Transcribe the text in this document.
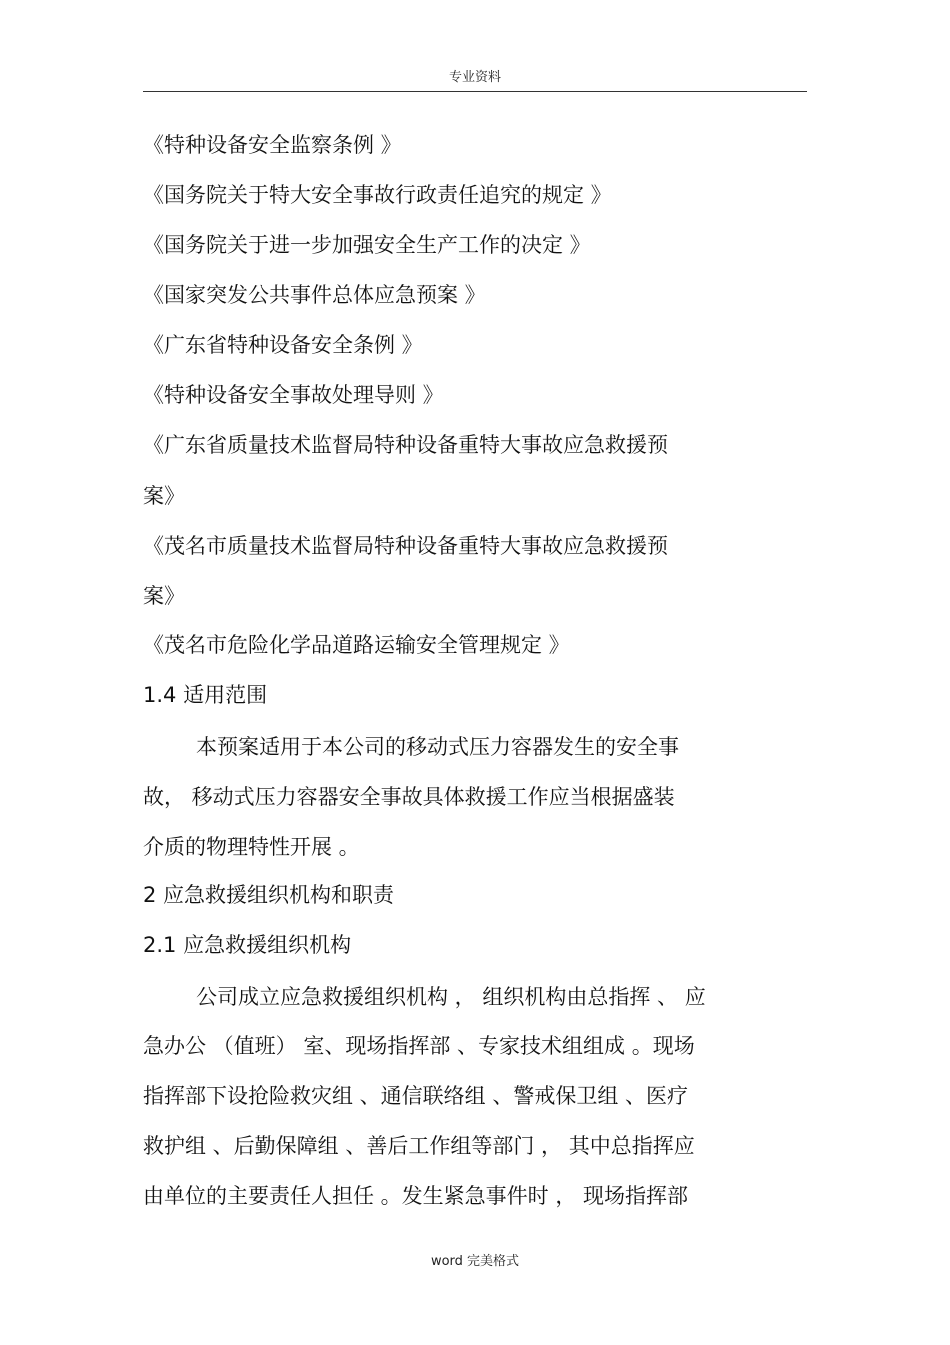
专业资料
《特种设备安全监察条例 》
《国务院关于特大安全事故行政责任追究的规定 》
《国务院关于进一步加强安全生产工作的决定 》
《国家突发公共事件总体应急预案 》
《广东省特种设备安全条例 》
《特种设备安全事故处理导则 》
《广东省质量技术监督局特种设备重特大事故应急救援预
案》
《茂名市质量技术监督局特种设备重特大事故应急救援预
案》
《茂名市危险化学品道路运输安全管理规定 》
1.4 适用范围
本预案适用于本公司的移动式压力容器发生的安全事
故， 移动式压力容器安全事故具体救援工作应当根据盛装
介质的物理特性开展 。
2 应急救援组织机构和职责
2.1 应急救援组织机构
公司成立应急救援组织机构 ， 组织机构由总指挥 、 应
急办公 （值班） 室、现场指挥部 、专家技术组组成 。现场
指挥部下设抢险救灾组 、通信联络组 、警戒保卫组 、医疗
救护组 、后勤保障组 、善后工作组等部门 ， 其中总指挥应
由单位的主要责任人担任 。发生紧急事件时 ， 现场指挥部
word 完美格式
